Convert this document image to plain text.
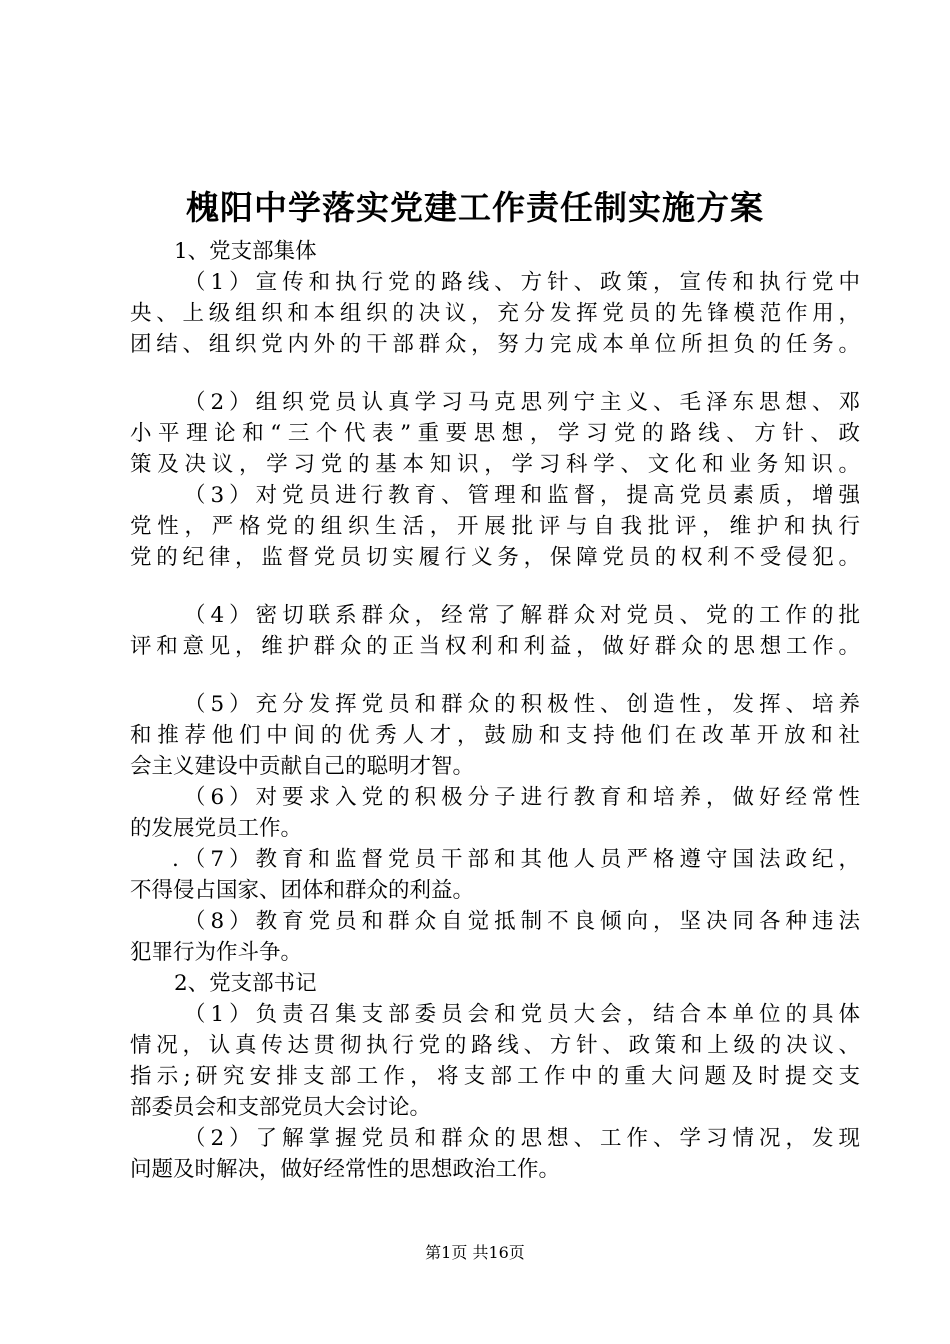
槐阳中学落实党建工作责任制实施方案
1、党支部集体
（1）宣传和执行党的路线、方针、政策，宣传和执行党中
央、上级组织和本组织的决议，充分发挥党员的先锋模范作用，
团结、组织党内外的干部群众，努力完成本单位所担负的任务。
（2）组织党员认真学习马克思列宁主义、毛泽东思想、邓
小平理论和“三个代表”重要思想，学习党的路线、方针、政
策及决议，学习党的基本知识，学习科学、文化和业务知识。
（3）对党员进行教育、管理和监督，提高党员素质，增强
党性，严格党的组织生活，开展批评与自我批评，维护和执行
党的纪律，监督党员切实履行义务，保障党员的权利不受侵犯。
（4）密切联系群众，经常了解群众对党员、党的工作的批
评和意见，维护群众的正当权利和利益，做好群众的思想工作。
（5）充分发挥党员和群众的积极性、创造性，发挥、培养
和推荐他们中间的优秀人才，鼓励和支持他们在改革开放和社
会主义建设中贡献自己的聪明才智。
（6）对要求入党的积极分子进行教育和培养，做好经常性
的发展党员工作。
.（7）教育和监督党员干部和其他人员严格遵守国法政纪，
不得侵占国家、团体和群众的利益。
（8）教育党员和群众自觉抵制不良倾向，坚决同各种违法
犯罪行为作斗争。
2、党支部书记
（1）负责召集支部委员会和党员大会，结合本单位的具体
情况，认真传达贯彻执行党的路线、方针、政策和上级的决议、
指示;研究安排支部工作，将支部工作中的重大问题及时提交支
部委员会和支部党员大会讨论。
（2）了解掌握党员和群众的思想、工作、学习情况，发现
问题及时解决，做好经常性的思想政治工作。
第1页 共16页
